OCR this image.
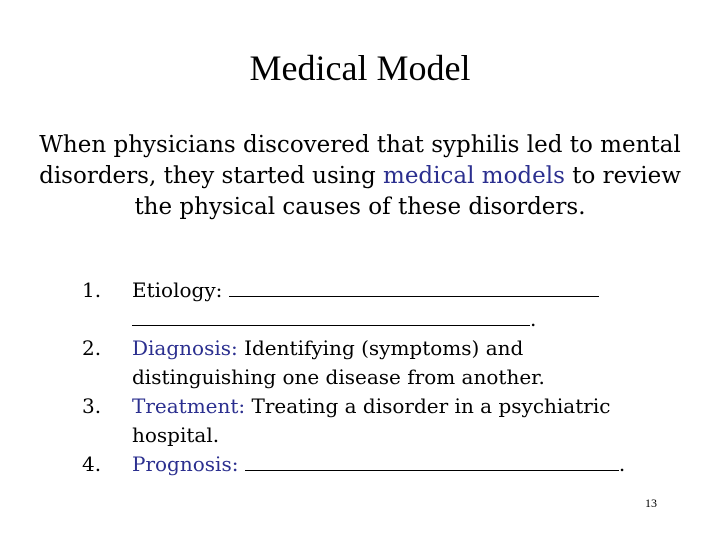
Medical Model
When physicians discovered that syphilis led to mental disorders, they started using medical models to review the physical causes of these disorders.
1.	Etiology:
.
2.	Diagnosis: Identifying (symptoms) and distinguishing one disease from another.
3.	Treatment: Treating a disorder in a psychiatric hospital.
4.	Prognosis:	.
13
